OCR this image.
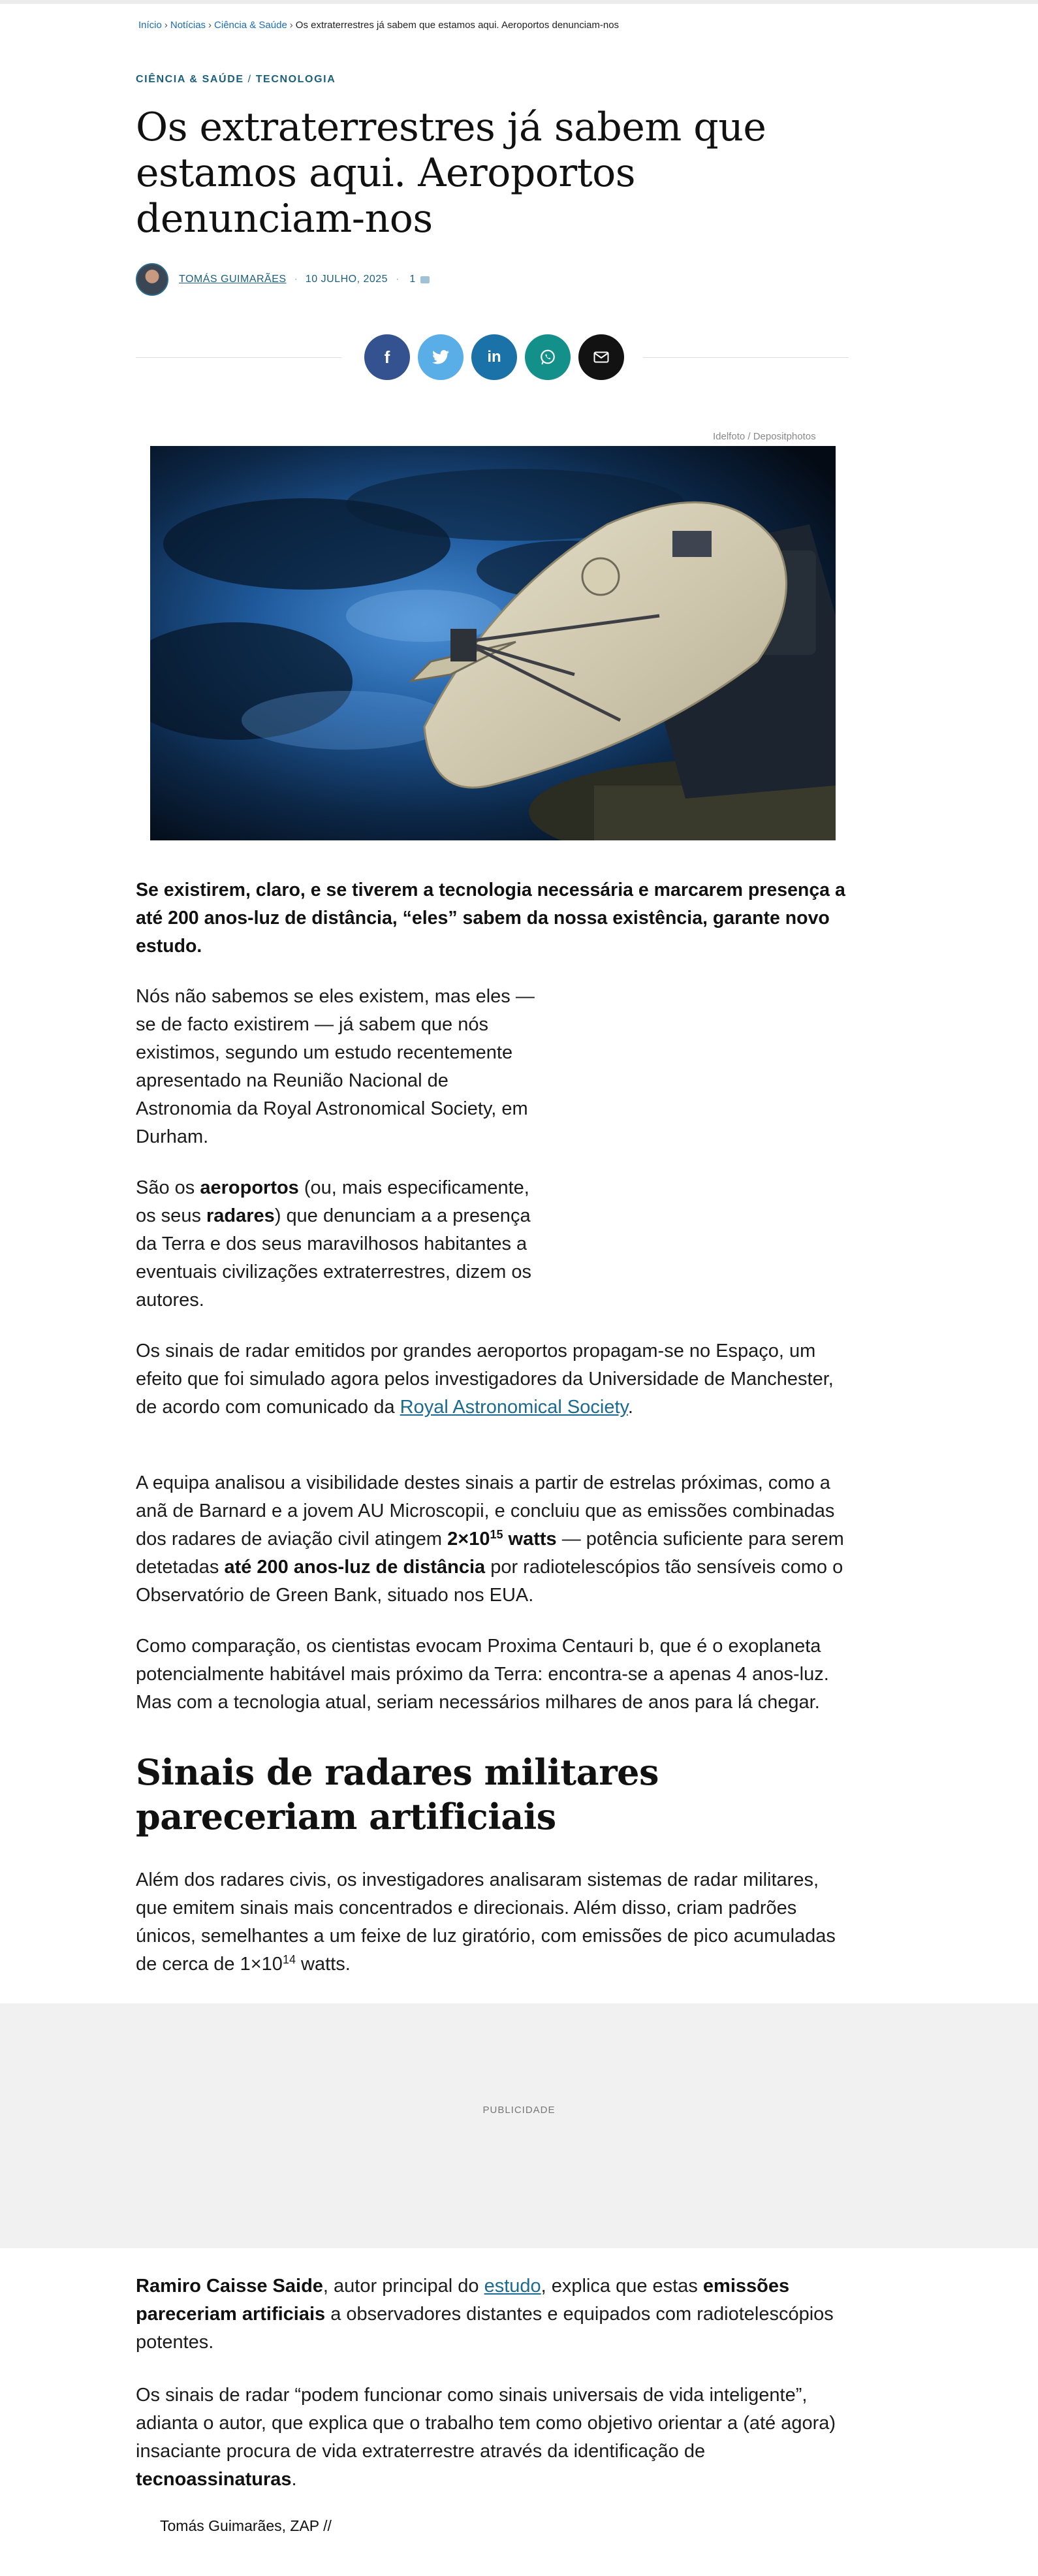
Início › Notícias › Ciência & Saúde › Os extraterrestres já sabem que estamos aqui. Aeroportos denunciam-nos
CIÊNCIA & SAÚDE / TECNOLOGIA
Os extraterrestres já sabem que estamos aqui. Aeroportos denunciam-nos
TOMÁS GUIMARÃES · 10 JULHO, 2025 · 1
f	in
Idelfoto / Depositphotos

Se existirem, claro, e se tiverem a tecnologia necessária e marcarem presença a até 200 anos-luz de distância, “eles” sabem da nossa existência, garante novo estudo.

Nós não sabemos se eles existem, mas eles — se de facto existirem — já sabem que nós existimos, segundo um estudo recentemente apresentado na Reunião Nacional de Astronomia da Royal Astronomical Society, em Durham.

São os aeroportos (ou, mais especificamente, os seus radares) que denunciam a a presença da Terra e dos seus maravilhosos habitantes a eventuais civilizações extraterrestres, dizem os autores.

Os sinais de radar emitidos por grandes aeroportos propagam-se no Espaço, um efeito que foi simulado agora pelos investigadores da Universidade de Manchester, de acordo com comunicado da Royal Astronomical Society.

A equipa analisou a visibilidade destes sinais a partir de estrelas próximas, como a anã de Barnard e a jovem AU Microscopii, e concluiu que as emissões combinadas dos radares de aviação civil atingem $2\times 10^{15}$ watts — potência suficiente para serem detetadas até 200 anos-luz de distância por radiotelescópios tão sensíveis como o Observatório de Green Bank, situado nos EUA.

Como comparação, os cientistas evocam Proxima Centauri b, que é o exoplaneta potencialmente habitável mais próximo da Terra: encontra-se a apenas 4 anos-luz. Mas com a tecnologia atual, seriam necessários milhares de anos para lá chegar.

Sinais de radares militares pareceriam artificiais

Além dos radares civis, os investigadores analisaram sistemas de radar militares, que emitem sinais mais concentrados e direcionais. Além disso, criam padrões únicos, semelhantes a um feixe de luz giratório, com emissões de pico acumuladas de cerca de $1\times 10^{14}$ watts.

PUBLICIDADE

Ramiro Caisse Saide, autor principal do estudo, explica que estas emissões pareceriam artificiais a observadores distantes e equipados com radiotelescópios potentes.

Os sinais de radar “podem funcionar como sinais universais de vida inteligente”, adianta o autor, que explica que o trabalho tem como objetivo orientar a (até agora) insaciante procura de vida extraterrestre através da identificação de tecnoassinaturas.

Tomás Guimarães, ZAP //
